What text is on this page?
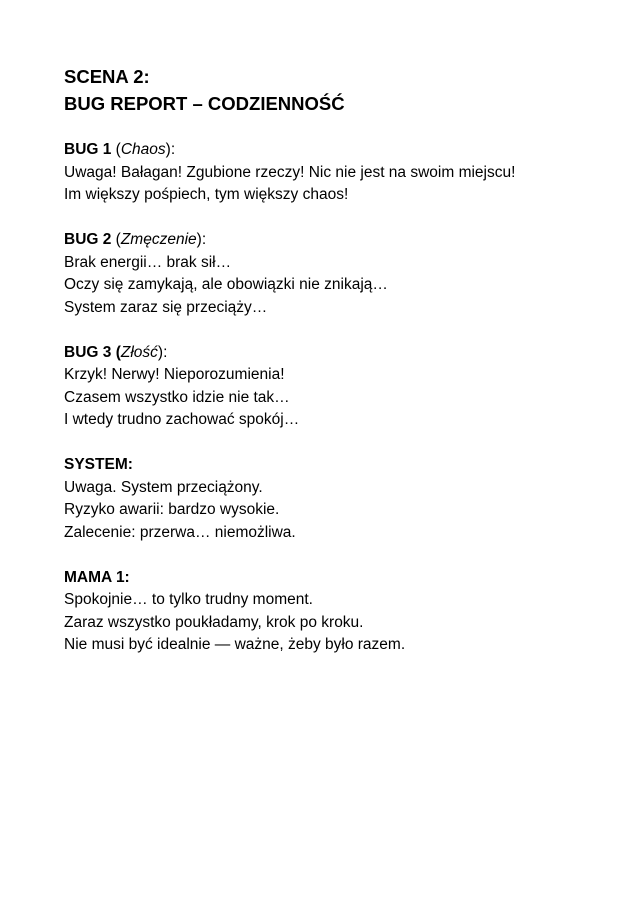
SCENA 2:
BUG REPORT – CODZIENNOŚĆ
BUG 1 (Chaos):
Uwaga! Bałagan! Zgubione rzeczy! Nic nie jest na swoim miejscu!
Im większy pośpiech, tym większy chaos!
BUG 2 (Zmęczenie):
Brak energii… brak sił…
Oczy się zamykają, ale obowiązki nie znikają…
System zaraz się przeciąży…
BUG 3 (Złość):
Krzyk! Nerwy! Nieporozumienia!
Czasem wszystko idzie nie tak…
I wtedy trudno zachować spokój…
SYSTEM:
Uwaga. System przeciążony.
Ryzyko awarii: bardzo wysokie.
Zalecenie: przerwa… niemożliwa.
MAMA 1:
Spokojnie… to tylko trudny moment.
Zaraz wszystko poukładamy, krok po kroku.
Nie musi być idealnie — ważne, żeby było razem.
